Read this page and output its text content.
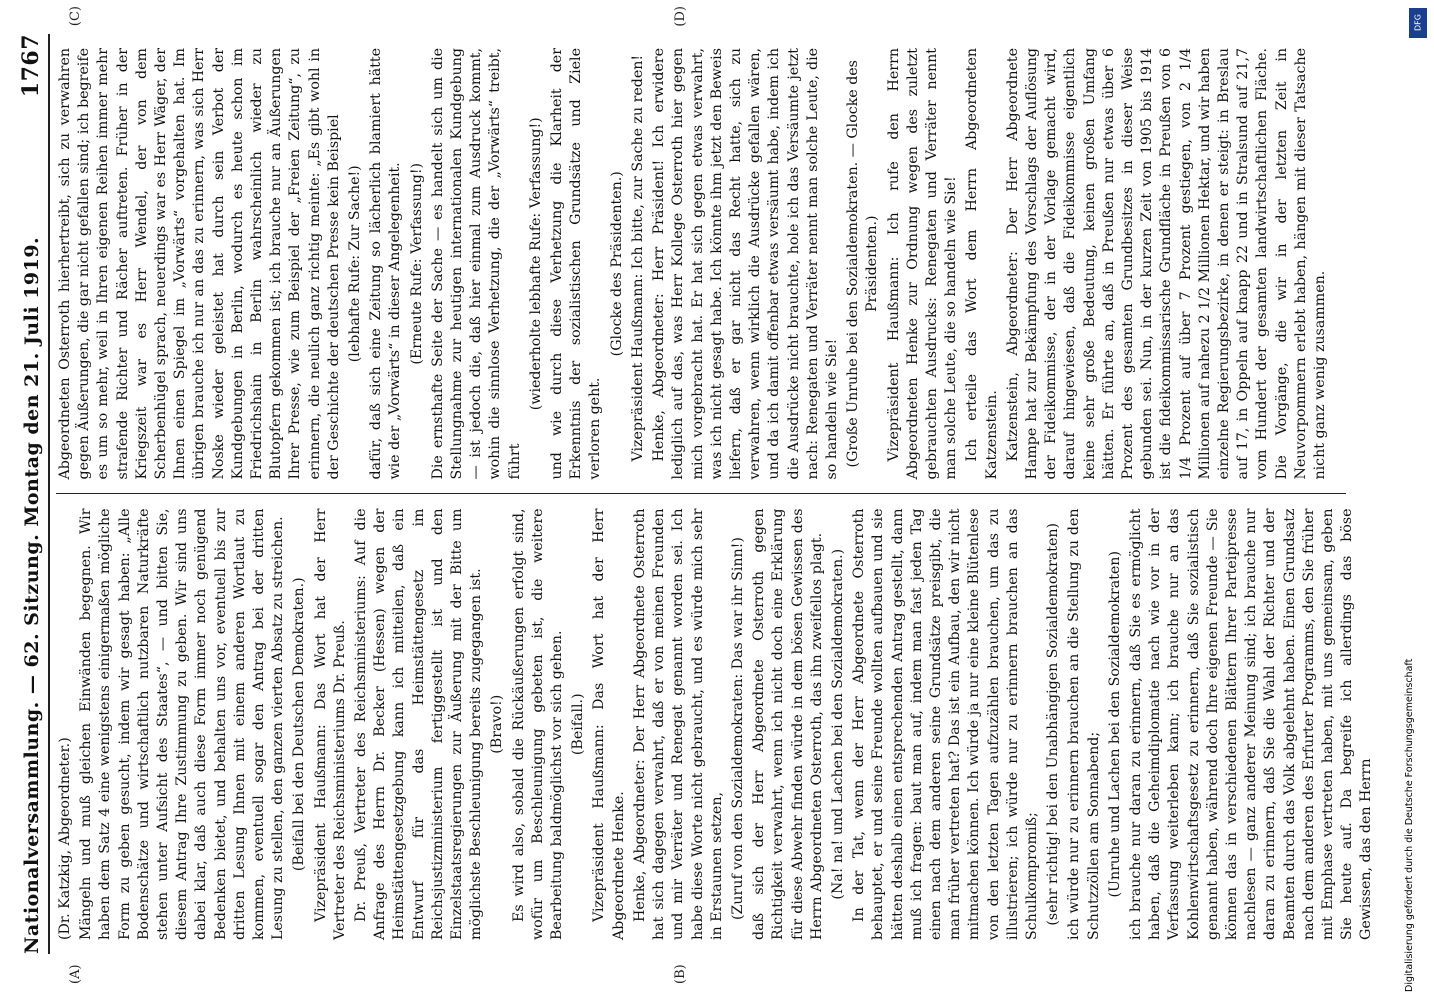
Nationalversammlung. — 62. Sitzung. Montag den 21. Juli 1919.
1767
(A)	(B)

(Dr. Katzkig, Abgeordneter.) Mängeln und muß gleichen Einwänden begegnen. Wir haben dem Satz 4 eine wenigstens einigermaßen mögliche Form zu geben gesucht, indem wir gesagt haben: „Alle Bodenschätze und wirtschaftlich nutzbaren Naturkräfte stehen unter Aufsicht des Staates“, — und bitten Sie, diesem Antrag Ihre Zustimmung zu geben. Wir sind uns dabei klar, daß auch diese Form immer noch genügend Bedenken bietet, und behalten uns vor, eventuell bis zur dritten Lesung Ihnen mit einem anderen Wortlaut zu kommen, eventuell sogar den Antrag bei der dritten Lesung zu stellen, den ganzen vierten Absatz zu streichen. (Beifall bei den Deutschen Demokraten.) Vizepräsident Haußmann: Das Wort hat der Herr Vertreter des Reichsministeriums Dr. Preuß. Dr. Preuß, Vertreter des Reichsministeriums: Auf die Anfrage des Herrn Dr. Becker (Hessen) wegen der Heimstättengesetzgebung kann ich mitteilen, daß ein Entwurf für das Heimstättengesetz im Reichsjustizministerium fertiggestellt ist und den Einzelstaatsregierungen zur Äußerung mit der Bitte um möglichste Beschleunigung bereits zugegangen ist. (Bravo!) Es wird also, sobald die Rückäußerungen erfolgt sind, wofür um Beschleunigung gebeten ist, die weitere Bearbeitung baldmöglichst vor sich gehen. (Beifall.) Vizepräsident Haußmann: Das Wort hat der Herr Abgeordnete Henke. Henke, Abgeordneter: Der Herr Abgeordnete Osterroth hat sich dagegen verwahrt, daß er von meinen Freunden und mir Verräter und Renegat genannt worden sei. Ich habe diese Worte nicht gebraucht, und es würde mich sehr in Erstaunen setzen, (Zuruf von den Sozialdemokraten: Das war ihr Sinn!) daß sich der Herr Abgeordnete Osterroth gegen Richtigkeit verwahrt, wenn ich nicht doch eine Erklärung für diese Abwehr finden würde in dem bösen Gewissen des Herrn Abgeordneten Osterroth, das ihn zweifellos plagt. (Na! na! und Lachen bei den Sozialdemokraten.) In der Tat, wenn der Herr Abgeordnete Osterroth behauptet, er und seine Freunde wollten aufbauen und sie hätten deshalb einen entsprechenden Antrag gestellt, dann muß ich fragen: baut man auf, indem man fast jeden Tag einen nach dem anderen seine Grundsätze preisgibt, die man früher vertreten hat? Das ist ein Aufbau, den wir nicht mitmachen können. Ich würde ja nur eine kleine Blütenlese von den letzten Tagen aufzuzählen brauchen, um das zu illustrieren; ich würde nur zu erinnern brauchen an das Schulkompromiß; (sehr richtig! bei den Unabhängigen Sozialdemokraten) ich würde nur zu erinnern brauchen an die Stellung zu den Schutzzöllen am Sonnabend; (Unruhe und Lachen bei den Sozialdemokraten) ich brauche nur daran zu erinnern, daß Sie es ermöglicht haben, daß die Geheimdiplomatie nach wie vor in der Verfassung weiterleben kann; ich brauche nur an das Kohlenwirtschaftsgesetz zu erinnern, daß Sie sozialistisch genannt haben, während doch Ihre eigenen Freunde — Sie können das in verschiedenen Blättern Ihrer Parteipresse nachlesen — ganz anderer Meinung sind; ich brauche nur daran zu erinnern, daß Sie die Wahl der Richter und der Beamten durch das Volk abgelehnt haben. Einen Grundsatz nach dem anderen des Erfurter Programms, den Sie früher mit Emphase vertreten haben, mit uns gemeinsam, geben Sie heute auf. Da begreife ich allerdings das böse Gewissen, das den Herrn

(C)	(D)

Abgeordneten Osterroth hierhertreibt, sich zu verwahren gegen Äußerungen, die gar nicht gefallen sind; ich begreife es um so mehr, weil in Ihren eigenen Reihen immer mehr strafende Richter und Rächer auftreten. Früher in der Kriegszeit war es Herr Wendel, der von dem Scherbenhügel sprach, neuerdings war es Herr Wäger, der Ihnen einen Spiegel im „Vorwärts“ vorgehalten hat. Im übrigen brauche ich nur an das zu erinnern, was sich Herr Noske wieder geleistet hat durch sein Verbot der Kundgebungen in Berlin, wodurch es heute schon im Friedrichshain in Berlin wahrscheinlich wieder zu Blutopfern gekommen ist; ich brauche nur an Äußerungen Ihrer Presse, wie zum Beispiel der „Freien Zeitung“, zu erinnern, die neulich ganz richtig meinte: „Es gibt wohl in der Geschichte der deutschen Presse kein Beispiel (lebhafte Rufe: Zur Sache!) dafür, daß sich eine Zeitung so lächerlich blamiert hätte wie der „Vorwärts“ in dieser Angelegenheit. (Erneute Rufe: Verfassung!) Die ernsthafte Seite der Sache — es handelt sich um die Stellungnahme zur heutigen internationalen Kundgebung — ist jedoch die, daß hier einmal zum Ausdruck kommt, wohin die sinnlose Verhetzung, die der „Vorwärts“ treibt, führt

(wiederholte lebhafte Rufe: Verfassung!) und wie durch diese Verhetzung die Klarheit der Erkenntnis der sozialistischen Grundsätze und Ziele verloren geht.

(Glocke des Präsidenten.) Vizepräsident Haußmann: Ich bitte, zur Sache zu reden! Henke, Abgeordneter: Herr Präsident! Ich erwidere lediglich auf das, was Herr Kollege Osterroth hier gegen mich vorgebracht hat. Er hat sich gegen etwas verwahrt, was ich nicht gesagt habe. Ich könnte ihm jetzt den Beweis liefern, daß er gar nicht das Recht hatte, sich zu verwahren, wenn wirklich die Ausdrücke gefallen wären, und da ich damit offenbar etwas versäumt habe, indem ich die Ausdrücke nicht brauchte, hole ich das Versäumte jetzt nach: Renegaten und Verräter nennt man solche Leute, die so handeln wie Sie! (Große Unruhe bei den Sozialdemokraten. — Glocke des Präsidenten.) Vizepräsident Haußmann: Ich rufe den Herrn Abgeordneten Henke zur Ordnung wegen des zuletzt gebrauchten Ausdrucks: Renegaten und Verräter nennt man solche Leute, die so handeln wie Sie! Ich erteile das Wort dem Herrn Abgeordneten Katzenstein. Katzenstein, Abgeordneter: Der Herr Abgeordnete Hampe hat zur Bekämpfung des Vorschlags der Auflösung der Fideikommisse, der in der Vorlage gemacht wird, darauf hingewiesen, daß die Fideikommisse eigentlich keine sehr große Bedeutung, keinen großen Umfang hätten. Er führte an, daß in Preußen nur etwas über 6 Prozent des gesamten Grundbesitzes in dieser Weise gebunden sei. Nun, in der kurzen Zeit von 1905 bis 1914 ist die fideikommissarische Grundfläche in Preußen von 6 1/4 Prozent auf über 7 Prozent gestiegen, von 2 1/4 Millionen auf nahezu 2 1/2 Millionen Hektar, und wir haben einzelne Regierungsbezirke, in denen er steigt: in Breslau auf 17, in Oppeln auf knapp 22 und in Stralsund auf 21,7 vom Hundert der gesamten landwirtschaftlichen Fläche. Die Vorgänge, die wir in der letzten Zeit in Neuvorpommern erlebt haben, hängen mit dieser Tatsache nicht ganz wenig zusammen.

DFG
Digitalisierung gefördert durch die Deutsche Forschungsgemeinschaft
